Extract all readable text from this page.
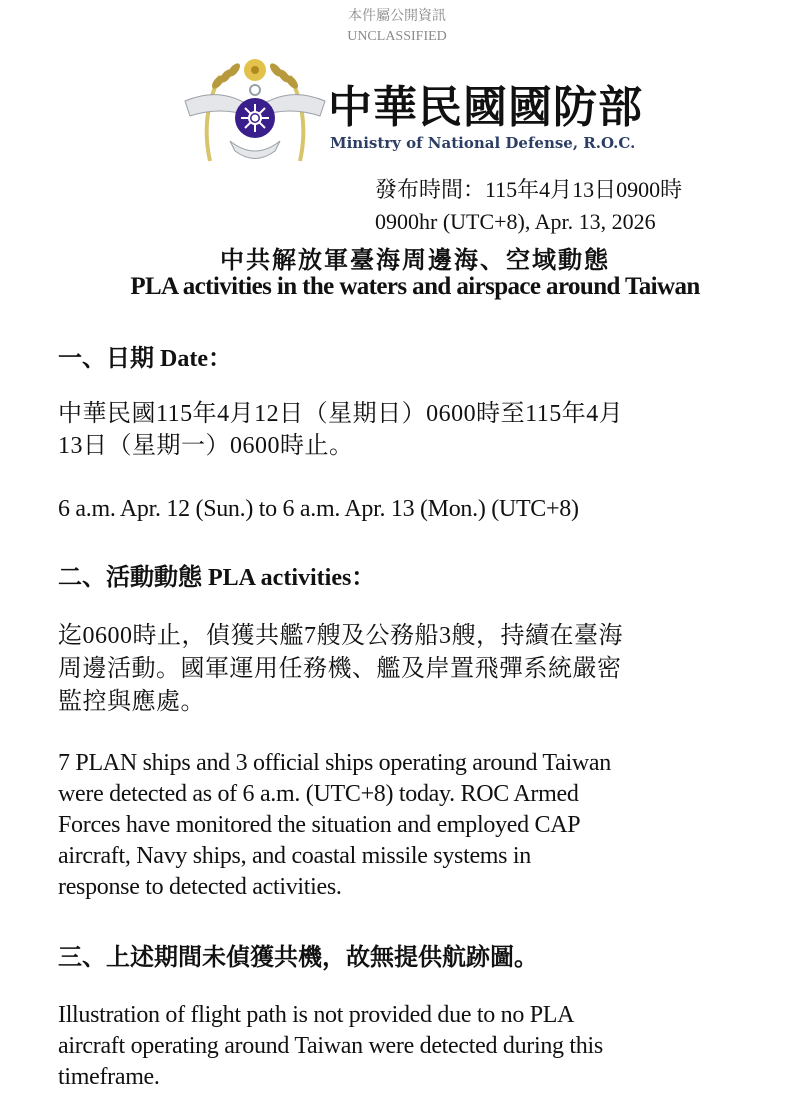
本件屬公開資訊
UNCLASSIFIED
中華民國國防部
Ministry of National Defense, R.O.C.
發布時間：115年4月13日0900時
0900hr (UTC+8), Apr. 13, 2026
中共解放軍臺海周邊海、空域動態
PLA activities in the waters and airspace around Taiwan
一、日期 Date：
中華民國115年4月12日（星期日）0600時至115年4月
13日（星期一）0600時止。
6 a.m. Apr. 12 (Sun.) to 6 a.m. Apr. 13 (Mon.) (UTC+8)
二、活動動態 PLA activities：
迄0600時止，偵獲共艦7艘及公務船3艘，持續在臺海
周邊活動。國軍運用任務機、艦及岸置飛彈系統嚴密
監控與應處。
7 PLAN ships and 3 official ships operating around Taiwan
were detected as of 6 a.m. (UTC+8) today. ROC Armed
Forces have monitored the situation and employed CAP
aircraft, Navy ships, and coastal missile systems in
response to detected activities.
三、上述期間未偵獲共機，故無提供航跡圖。
Illustration of flight path is not provided due to no PLA
aircraft operating around Taiwan were detected during this
timeframe.
